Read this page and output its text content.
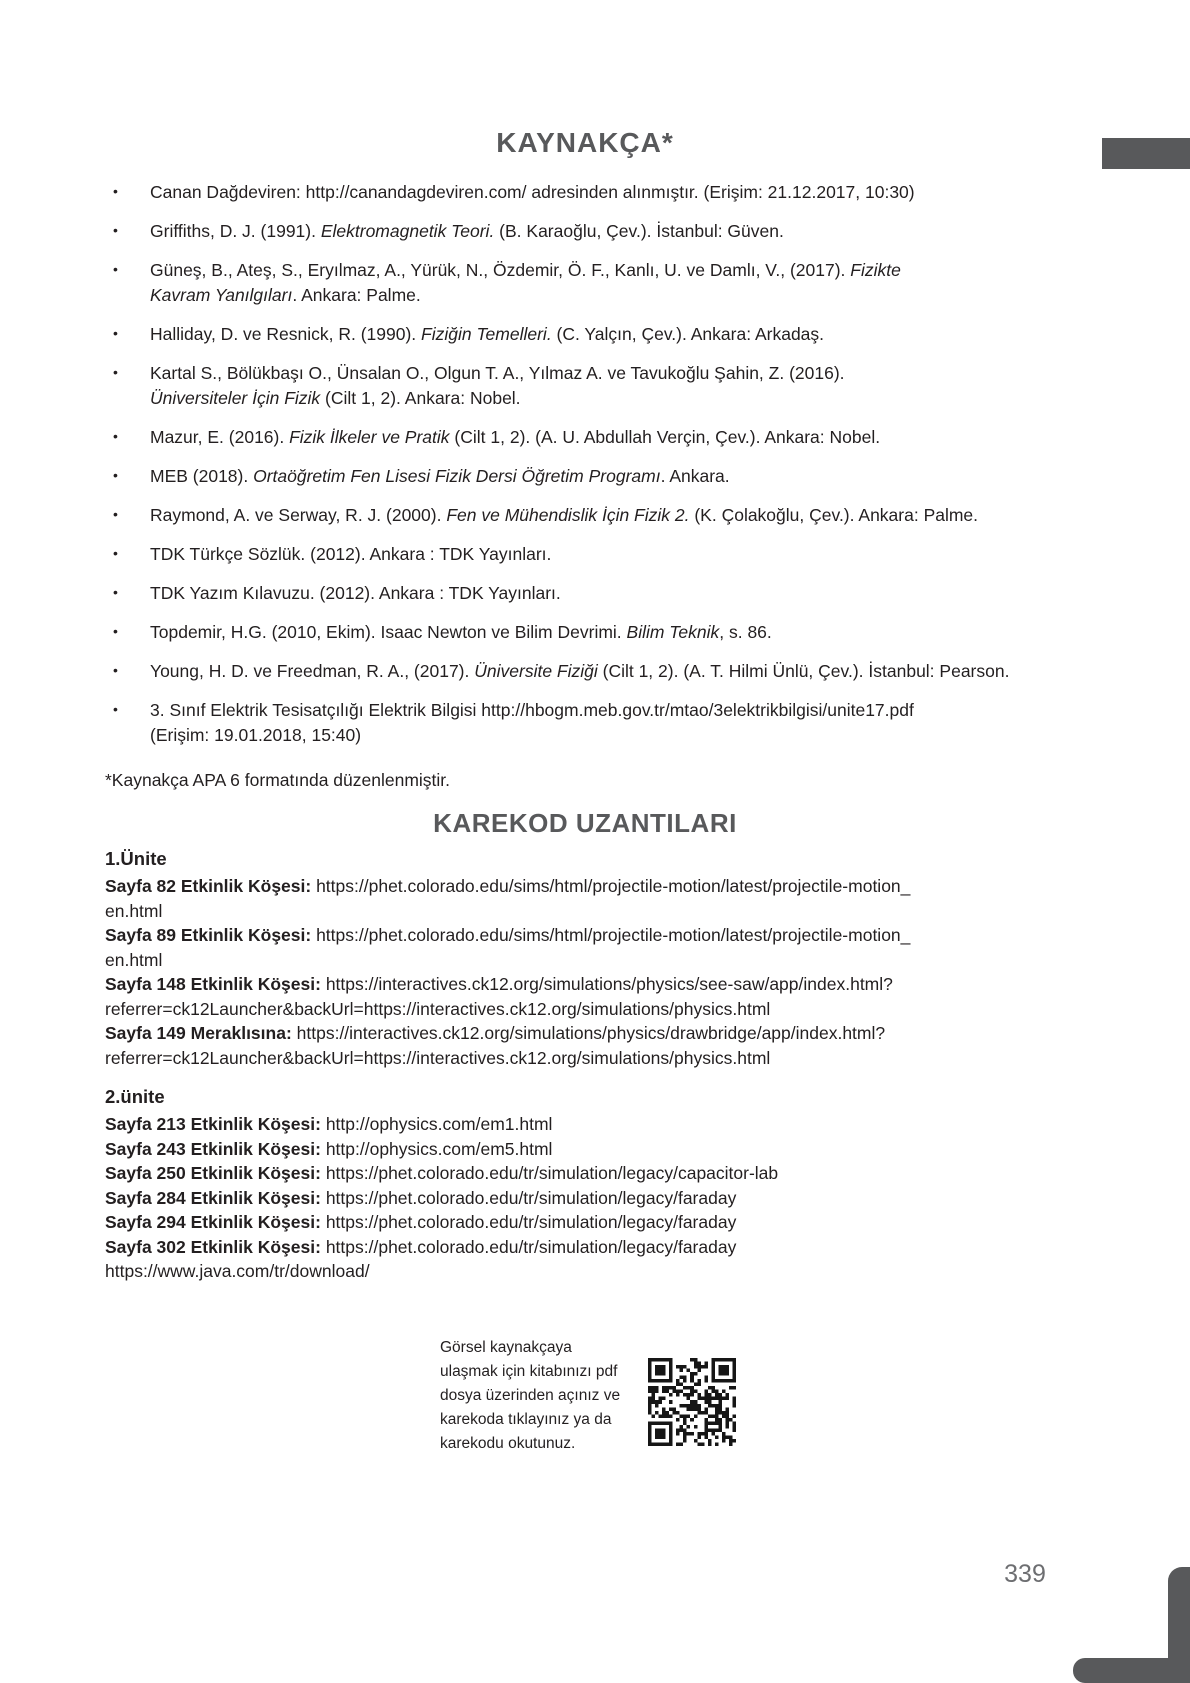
KAYNAKÇA*
• Canan Dağdeviren: http://canandagdeviren.com/ adresinden alınmıştır. (Erişim: 21.12.2017, 10:30)
• Griffiths, D. J. (1991). Elektromagnetik Teori. (B. Karaoğlu, Çev.). İstanbul: Güven.
• Güneş, B., Ateş, S., Eryılmaz, A., Yürük, N., Özdemir, Ö. F., Kanlı, U. ve Damlı, V., (2017). Fizikte
Kavram Yanılgıları. Ankara: Palme.
• Halliday, D. ve Resnick, R. (1990). Fiziğin Temelleri. (C. Yalçın, Çev.). Ankara: Arkadaş.
• Kartal S., Bölükbaşı O., Ünsalan O., Olgun T. A., Yılmaz A. ve Tavukoğlu Şahin, Z. (2016).
Üniversiteler İçin Fizik (Cilt 1, 2). Ankara: Nobel.
• Mazur, E. (2016). Fizik İlkeler ve Pratik (Cilt 1, 2). (A. U. Abdullah Verçin, Çev.). Ankara: Nobel.
• MEB (2018). Ortaöğretim Fen Lisesi Fizik Dersi Öğretim Programı. Ankara.
• Raymond, A. ve Serway, R. J. (2000). Fen ve Mühendislik İçin Fizik 2. (K. Çolakoğlu, Çev.). Ankara: Palme.
• TDK Türkçe Sözlük. (2012). Ankara : TDK Yayınları.
• TDK Yazım Kılavuzu. (2012). Ankara : TDK Yayınları.
• Topdemir, H.G. (2010, Ekim). Isaac Newton ve Bilim Devrimi. Bilim Teknik, s. 86.
• Young, H. D. ve Freedman, R. A., (2017). Üniversite Fiziği (Cilt 1, 2). (A. T. Hilmi Ünlü, Çev.). İstanbul: Pearson.
• 3. Sınıf Elektrik Tesisatçılığı Elektrik Bilgisi http://hbogm.meb.gov.tr/mtao/3elektrikbilgisi/unite17.pdf
(Erişim: 19.01.2018, 15:40)

*Kaynakça APA 6 formatında düzenlenmiştir.

KAREKOD UZANTILARI
1.Ünite
Sayfa 82 Etkinlik Köşesi: https://phet.colorado.edu/sims/html/projectile-motion/latest/projectile-motion_
en.html
Sayfa 89 Etkinlik Köşesi: https://phet.colorado.edu/sims/html/projectile-motion/latest/projectile-motion_
en.html
Sayfa 148 Etkinlik Köşesi: https://interactives.ck12.org/simulations/physics/see-saw/app/index.html?
referrer=ck12Launcher&backUrl=https://interactives.ck12.org/simulations/physics.html
Sayfa 149 Meraklısına: https://interactives.ck12.org/simulations/physics/drawbridge/app/index.html?
referrer=ck12Launcher&backUrl=https://interactives.ck12.org/simulations/physics.html
2.ünite
Sayfa 213 Etkinlik Köşesi: http://ophysics.com/em1.html
Sayfa 243 Etkinlik Köşesi: http://ophysics.com/em5.html
Sayfa 250 Etkinlik Köşesi: https://phet.colorado.edu/tr/simulation/legacy/capacitor-lab
Sayfa 284 Etkinlik Köşesi: https://phet.colorado.edu/tr/simulation/legacy/faraday
Sayfa 294 Etkinlik Köşesi: https://phet.colorado.edu/tr/simulation/legacy/faraday
Sayfa 302 Etkinlik Köşesi: https://phet.colorado.edu/tr/simulation/legacy/faraday
https://www.java.com/tr/download/
Görsel kaynakçaya
ulaşmak için kitabınızı pdf
dosya üzerinden açınız ve
karekoda tıklayınız ya da
karekodu okutunuz.
339
